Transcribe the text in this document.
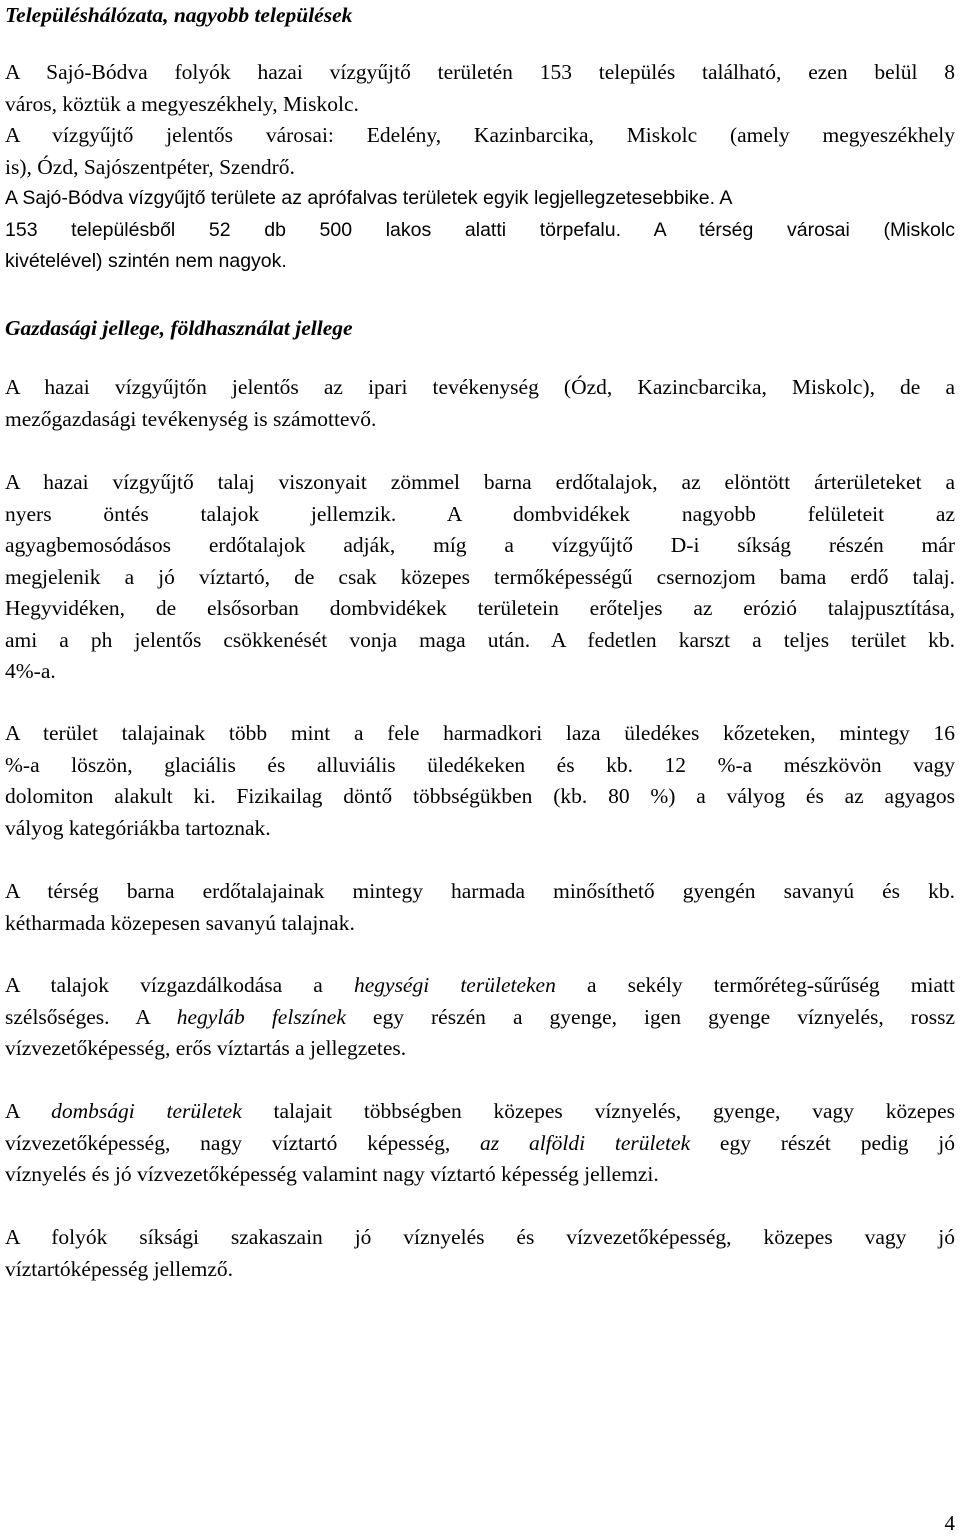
Településhálózata, nagyobb települések

A Sajó-Bódva folyók hazai vízgyűjtő területén 153 település található, ezen belül 8
város, köztük a megyeszékhely, Miskolc.

A vízgyűjtő jelentős városai: Edelény, Kazinbarcika, Miskolc (amely megyeszékhely
is), Ózd, Sajószentpéter, Szendrő.

A Sajó-Bódva vízgyűjtő területe az aprófalvas területek egyik legjellegzetesebbike. A
153 településből 52 db 500 lakos alatti törpefalu. A térség városai (Miskolc
kivételével) szintén nem nagyok.

Gazdasági jellege, földhasználat jellege

A hazai vízgyűjtőn jelentős az ipari tevékenység (Ózd, Kazincbarcika, Miskolc), de a
mezőgazdasági tevékenység is számottevő.

A hazai vízgyűjtő talaj viszonyait zömmel barna erdőtalajok, az elöntött árterületeket a
nyers öntés talajok jellemzik. A dombvidékek nagyobb felületeit az
agyagbemosódásos erdőtalajok adják, míg a vízgyűjtő D-i síkság részén már
megjelenik a jó víztartó, de csak közepes termőképességű csernozjom bama erdő talaj.
Hegyvidéken, de elsősorban dombvidékek területein erőteljes az erózió talajpusztítása,
ami a ph jelentős csökkenését vonja maga után. A fedetlen karszt a teljes terület kb.
4%-a.

A terület talajainak több mint a fele harmadkori laza üledékes kőzeteken, mintegy 16
%-a löszön, glaciális és alluviális üledékeken és kb. 12 %-a mészkövön vagy
dolomiton alakult ki. Fizikailag döntő többségükben (kb. 80 %) a vályog és az agyagos
vályog kategóriákba tartoznak.

A térség barna erdőtalajainak mintegy harmada minősíthető gyengén savanyú és kb.
kétharmada közepesen savanyú talajnak.

A talajok vízgazdálkodása a hegységi területeken a sekély termőréteg-sűrűség miatt
szélsőséges. A hegyláb felszínek egy részén a gyenge, igen gyenge víznyelés, rossz
vízvezetőképesség, erős víztartás a jellegzetes.

A dombsági területek talajait többségben közepes víznyelés, gyenge, vagy közepes
vízvezetőképesség, nagy víztartó képesség, az alföldi területek egy részét pedig jó
víznyelés és jó vízvezetőképesség valamint nagy víztartó képesség jellemzi.

A folyók síksági szakaszain jó víznyelés és vízvezetőképesség, közepes vagy jó
víztartóképesség jellemző.

4
